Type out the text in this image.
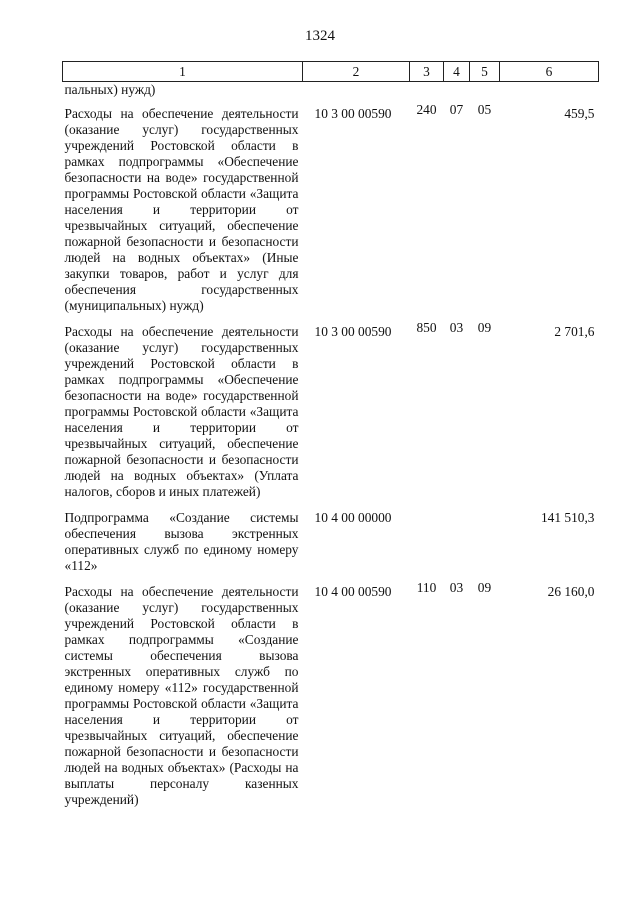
1324
1	2	3	4	5	6
пальных) нужд)					
Расходы на обеспечение деятельности (оказание услуг) государственных учреждений Ростовской области в рамках подпрограммы «Обеспечение безопасности на воде» государственной программы Ростовской области «Защита населения и территории от чрезвычайных ситуаций, обеспечение пожарной безопасности и безопасности людей на водных объектах» (Иные закупки товаров, работ и услуг для обеспечения государственных (муниципальных) нужд)	10 3 00 00590	240	07	05	459,5
Расходы на обеспечение деятельности (оказание услуг) государственных учреждений Ростовской области в рамках подпрограммы «Обеспечение безопасности на воде» государственной программы Ростовской области «Защита населения и территории от чрезвычайных ситуаций, обеспечение пожарной безопасности и безопасности людей на водных объектах» (Уплата налогов, сборов и иных платежей)	10 3 00 00590	850	03	09	2 701,6
Подпрограмма «Создание системы обеспечения вызова экстренных оперативных служб по единому номеру «112»	10 4 00 00000				141 510,3
Расходы на обеспечение деятельности (оказание услуг) государственных учреждений Ростовской области в рамках подпрограммы «Создание системы обеспечения вызова экстренных оперативных служб по единому номеру «112» государственной программы Ростовской области «Защита населения и территории от чрезвычайных ситуаций, обеспечение пожарной безопасности и безопасности людей на водных объектах» (Расходы на выплаты персоналу казенных учреждений)	10 4 00 00590	110	03	09	26 160,0
